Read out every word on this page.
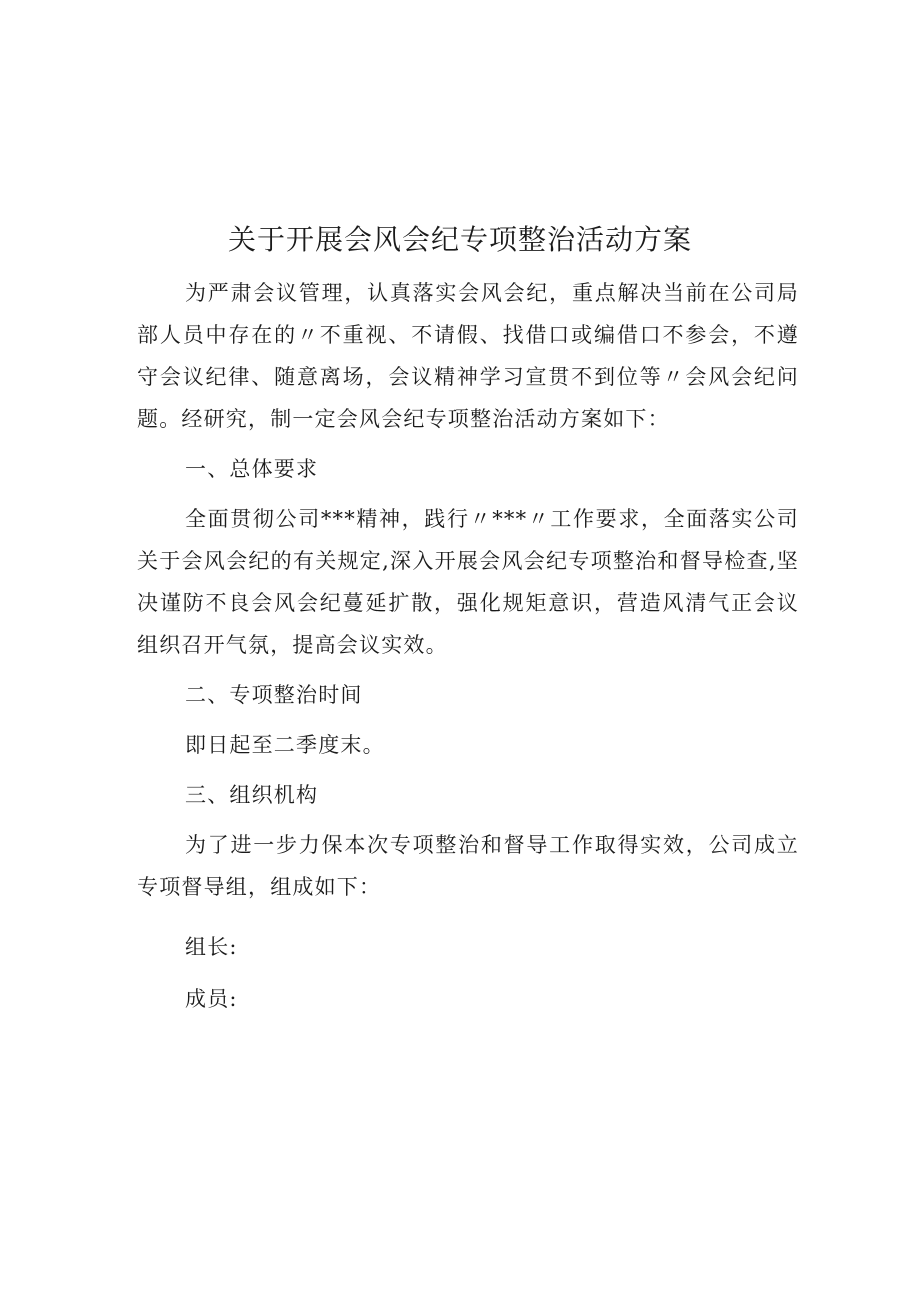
关于开展会风会纪专项整治活动方案

为严肃会议管理，认真落实会风会纪，重点解决当前在公司局部人员中存在的〃不重视、不请假、找借口或编借口不参会，不遵守会议纪律、随意离场，会议精神学习宣贯不到位等〃会风会纪问题。经研究，制一定会风会纪专项整治活动方案如下：

一、总体要求

全面贯彻公司***精神，践行〃***〃工作要求，全面落实公司关于会风会纪的有关规定,深入开展会风会纪专项整治和督导检查,坚决谨防不良会风会纪蔓延扩散，强化规矩意识，营造风清气正会议组织召开气氛，提高会议实效。

二、专项整治时间

即日起至二季度末。

三、组织机构

为了进一步力保本次专项整治和督导工作取得实效，公司成立专项督导组，组成如下：

组长:

成员:
